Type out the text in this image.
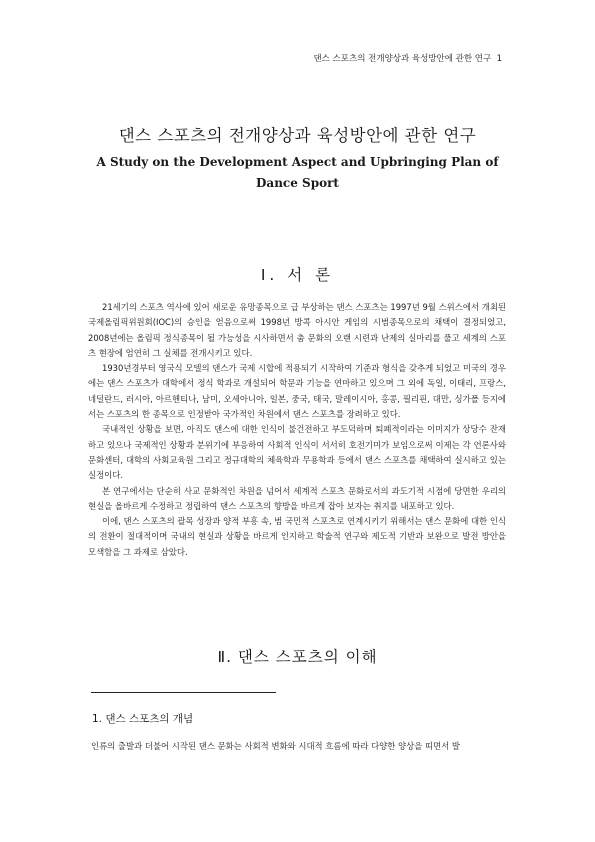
댄스 스포츠의 전개양상과 육성방안에 관한 연구 1
댄스 스포츠의 전개양상과 육성방안에 관한 연구
A Study on the Development Aspect and Upbringing Plan of Dance Sport
Ⅰ. 서 론

21세기의 스포츠 역사에 있어 새로운 유망종목으로 급 부상하는 댄스 스포츠는 1997년 9월 스위스에서 개최된 국제올림픽위원회(IOC)의 승인을 얻음으로써 1998년 방콕 아시안 게임의 시범종목으로의 채택이 결정되었고, 2008년에는 올림픽 정식종목이 될 가능성을 시사하면서 춤 문화의 오랜 시련과 난제의 실마리를 풀고 세계의 스포츠 현장에 엄연히 그 실체를 전개시키고 있다.

1930년경부터 영국식 모델의 댄스가 국제 시합에 적용되기 시작하여 기준과 형식을 갖추게 되었고 미국의 경우에는 댄스 스포츠가 대학에서 정식 학과로 개설되어 학문과 기능을 연마하고 있으며 그 외에 독일, 이태리, 프랑스, 네덜란드, 러시아, 아르헨티나, 남미, 오세아니아, 일본, 중국, 태국, 말레이시아, 홍콩, 필리핀, 대만, 싱가폴 등지에서는 스포츠의 한 종목으로 인정받아 국가적인 차원에서 댄스 스포츠를 장려하고 있다.

국내적인 상황을 보면, 아직도 댄스에 대한 인식이 불건전하고 부도덕하며 퇴폐적이라는 이미지가 상당수 잔재하고 있으나 국제적인 상황과 분위기에 부응하여 사회적 인식이 서서히 호전기미가 보임으로써 이제는 각 언론사와 문화센터, 대학의 사회교육원 그리고 정규대학의 체육학과 무용학과 등에서 댄스 스포츠를 채택하여 실시하고 있는 실정이다.

본 연구에서는 단순히 사교 문화적인 차원을 넘어서 세계적 스포츠 문화로서의 과도기적 시점에 당면한 우리의 현실을 올바르게 수정하고 정립하여 댄스 스포츠의 향방을 바르게 잡아 보자는 취지를 내포하고 있다.

이에, 댄스 스포츠의 괄목 성장과 양적 부흥 속, 범 국민적 스포츠로 연계시키기 위해서는 댄스 문화에 대한 인식의 전환이 절대적이며 국내의 현실과 상황을 바르게 인지하고 학술적 연구와 제도적 기반과 보완으로 발전 방안을 모색함을 그 과제로 삼았다.

Ⅱ. 댄스 스포츠의 이해
1. 댄스 스포츠의 개념
인류의 출발과 더불어 시작된 댄스 문화는 사회적 변화와 시대적 흐름에 따라 다양한 양상을 띠면서 발
